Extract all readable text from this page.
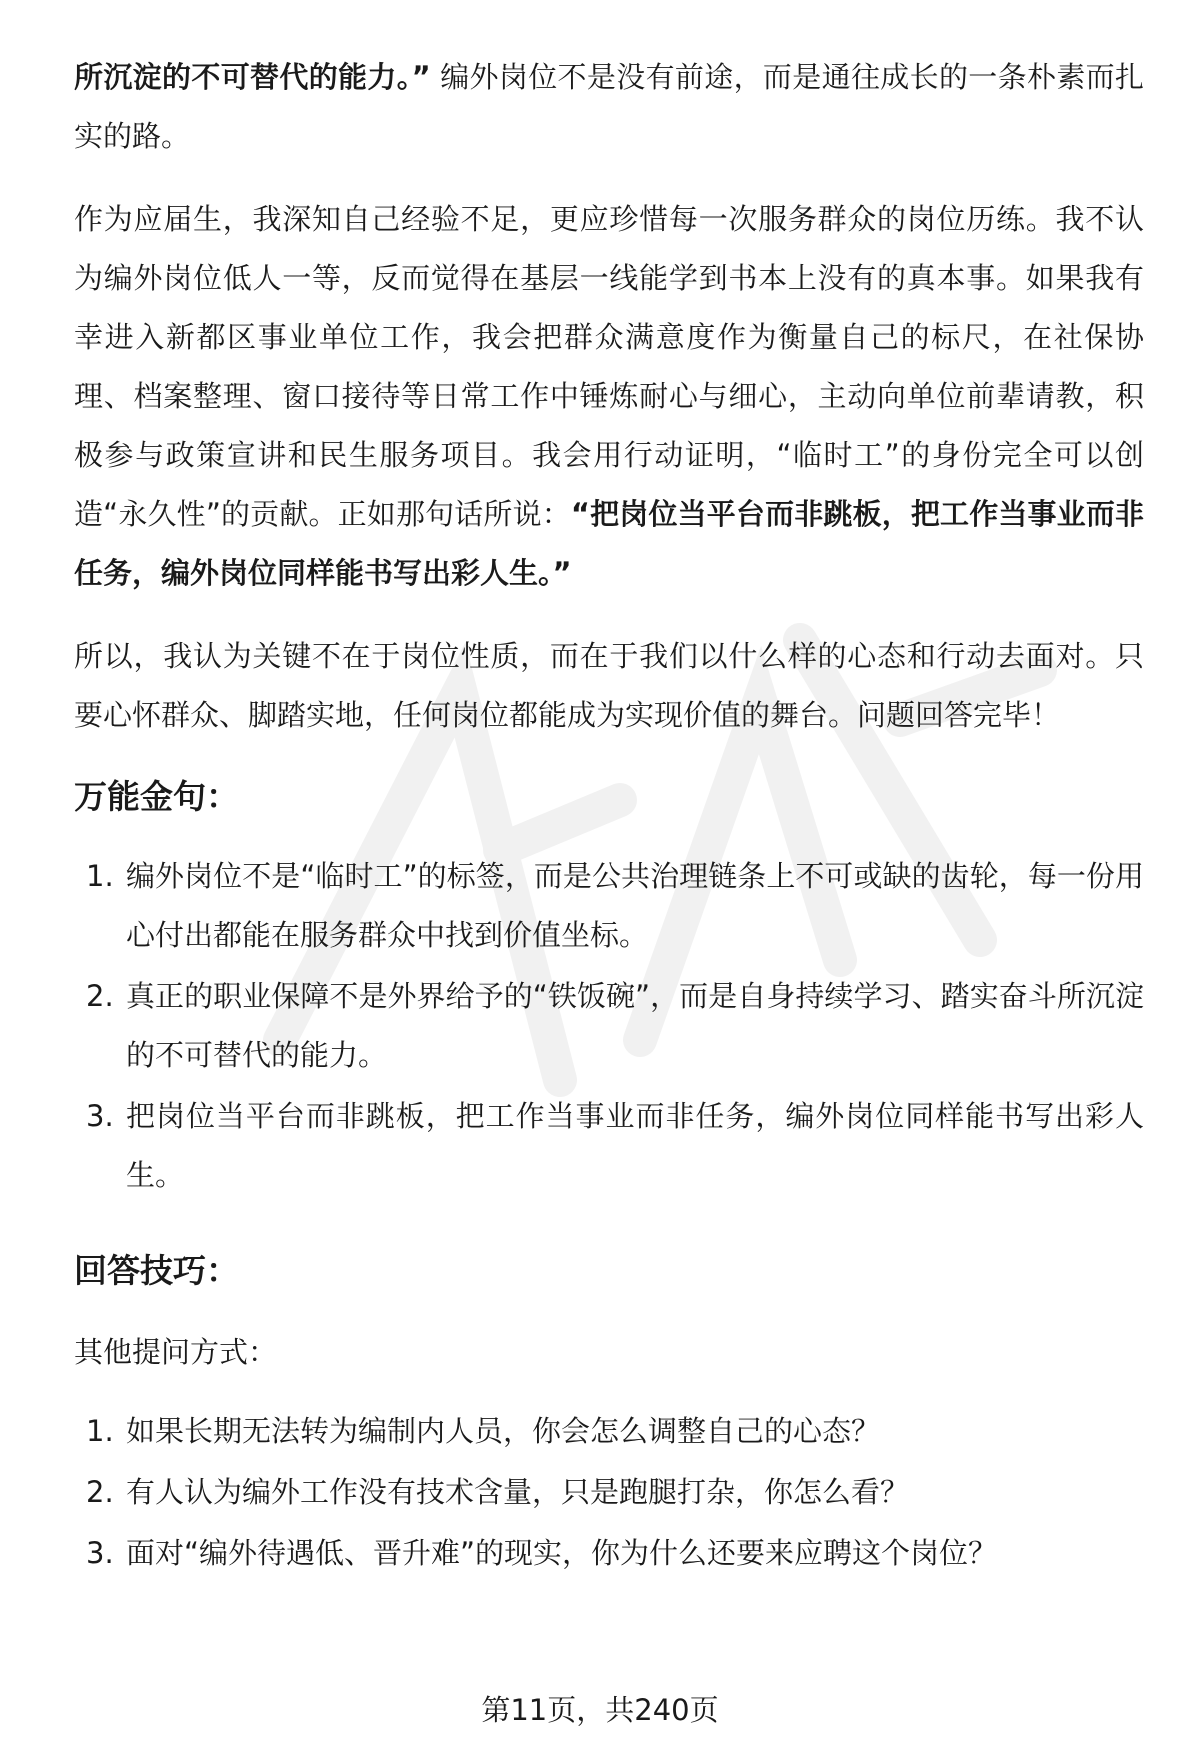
所沉淀的不可替代的能力。” 编外岗位不是没有前途，而是通往成长的一条朴素而扎实的路。

作为应届生，我深知自己经验不足，更应珍惜每一次服务群众的岗位历练。我不认为编外岗位低人一等，反而觉得在基层一线能学到书本上没有的真本事。如果我有幸进入新都区事业单位工作，我会把群众满意度作为衡量自己的标尺，在社保协理、档案整理、窗口接待等日常工作中锤炼耐心与细心，主动向单位前辈请教，积极参与政策宣讲和民生服务项目。我会用行动证明，“临时工”的身份完全可以创造“永久性”的贡献。正如那句话所说：“把岗位当平台而非跳板，把工作当事业而非任务，编外岗位同样能书写出彩人生。”

所以，我认为关键不在于岗位性质，而在于我们以什么样的心态和行动去面对。只要心怀群众、脚踏实地，任何岗位都能成为实现价值的舞台。问题回答完毕！

万能金句：
1. 编外岗位不是“临时工”的标签，而是公共治理链条上不可或缺的齿轮，每一份用心付出都能在服务群众中找到价值坐标。
2. 真正的职业保障不是外界给予的“铁饭碗”，而是自身持续学习、踏实奋斗所沉淀的不可替代的能力。
3. 把岗位当平台而非跳板，把工作当事业而非任务，编外岗位同样能书写出彩人生。
回答技巧：

其他提问方式：

1. 如果长期无法转为编制内人员，你会怎么调整自己的心态？
2. 有人认为编外工作没有技术含量，只是跑腿打杂，你怎么看？
3. 面对“编外待遇低、晋升难”的现实，你为什么还要来应聘这个岗位？
第11页，共240页
